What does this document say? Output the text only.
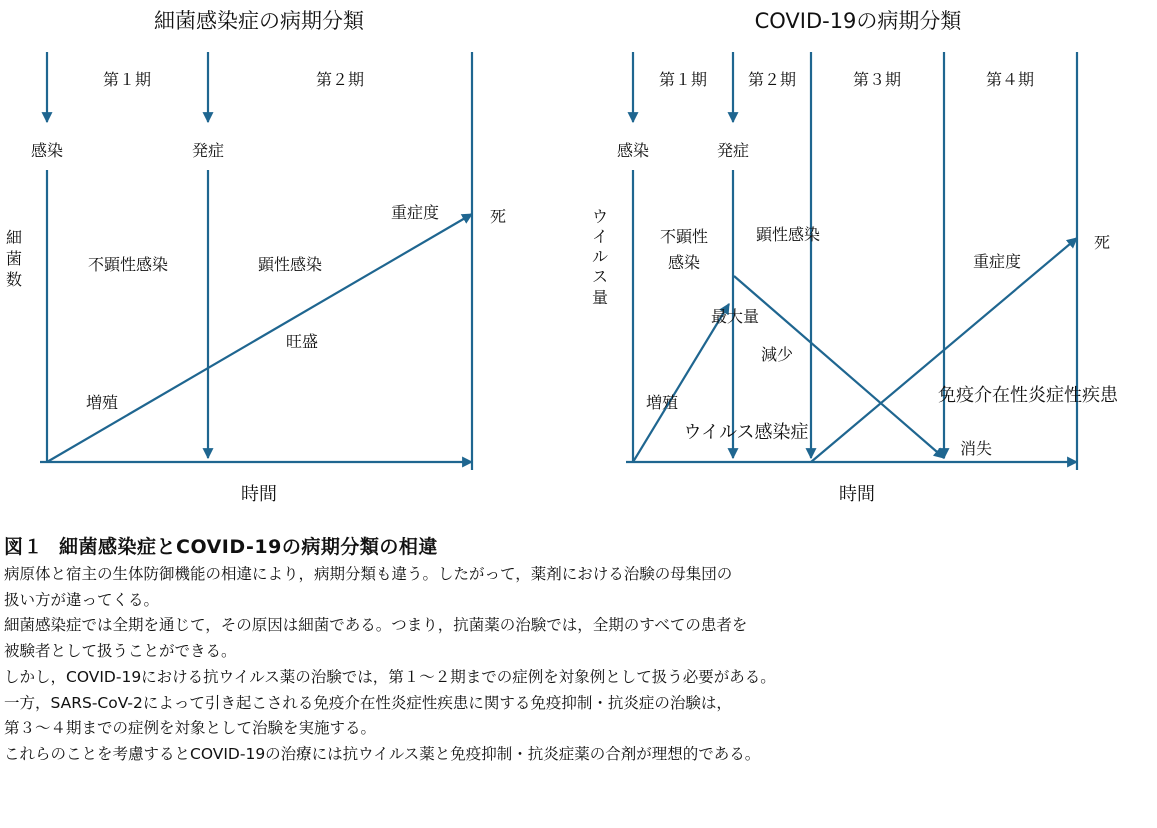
細菌感染症の病期分類
第１期	第２期
感染	発症
細
菌
数
不顕性感染	顕性感染
重症度	死
旺盛
増殖
時間
COVID-19の病期分類
第１期	第２期	第３期	第４期
感染	発症
ウ
イ
ル
ス
量
不顕性
感染
顕性感染
最大量
減少
増殖
ウイルス感染症
重症度
死
免疫介在性炎症性疾患
消失
時間

図１ 細菌感染症とCOVID-19の病期分類の相違

病原体と宿主の生体防御機能の相違により，病期分類も違う。したがって，薬剤における治験の母集団の

扱い方が違ってくる。

細菌感染症では全期を通じて，その原因は細菌である。つまり，抗菌薬の治験では，全期のすべての患者を

被験者として扱うことができる。

しかし，COVID-19における抗ウイルス薬の治験では，第１～２期までの症例を対象例として扱う必要がある。

一方，SARS-CoV-2によって引き起こされる免疫介在性炎症性疾患に関する免疫抑制・抗炎症の治験は，

第３～４期までの症例を対象として治験を実施する。

これらのことを考慮するとCOVID-19の治療には抗ウイルス薬と免疫抑制・抗炎症薬の合剤が理想的である。
